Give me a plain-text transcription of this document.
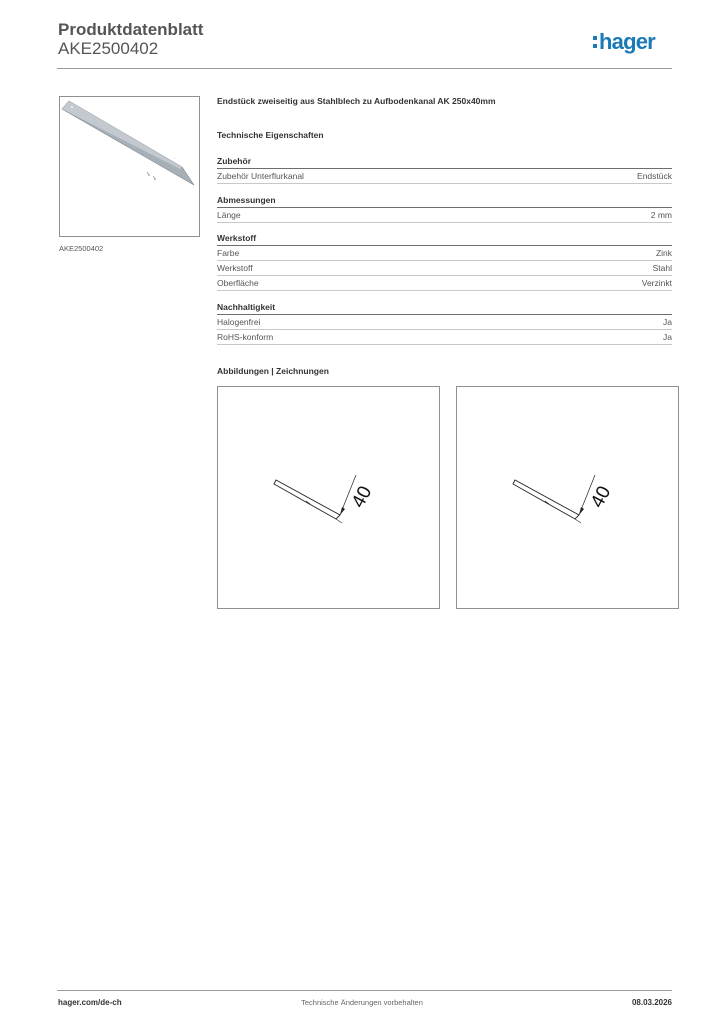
Produktdatenblatt
AKE2500402	hager
AKE2500402
Endstück zweiseitig aus Stahlblech zu Aufbodenkanal AK 250x40mm
Technische Eigenschaften
Zubehör
Zubehör Unterflurkanal	Endstück
Abmessungen
Länge	2 mm
Werkstoff
Farbe	Zink
Werkstoff	Stahl
Oberfläche	Verzinkt
Nachhaltigkeit
Halogenfrei	Ja
RoHS-konform	Ja
Abbildungen | Zeichnungen
40	40
hager.com/de-ch	Technische Änderungen vorbehalten	08.03.2026
